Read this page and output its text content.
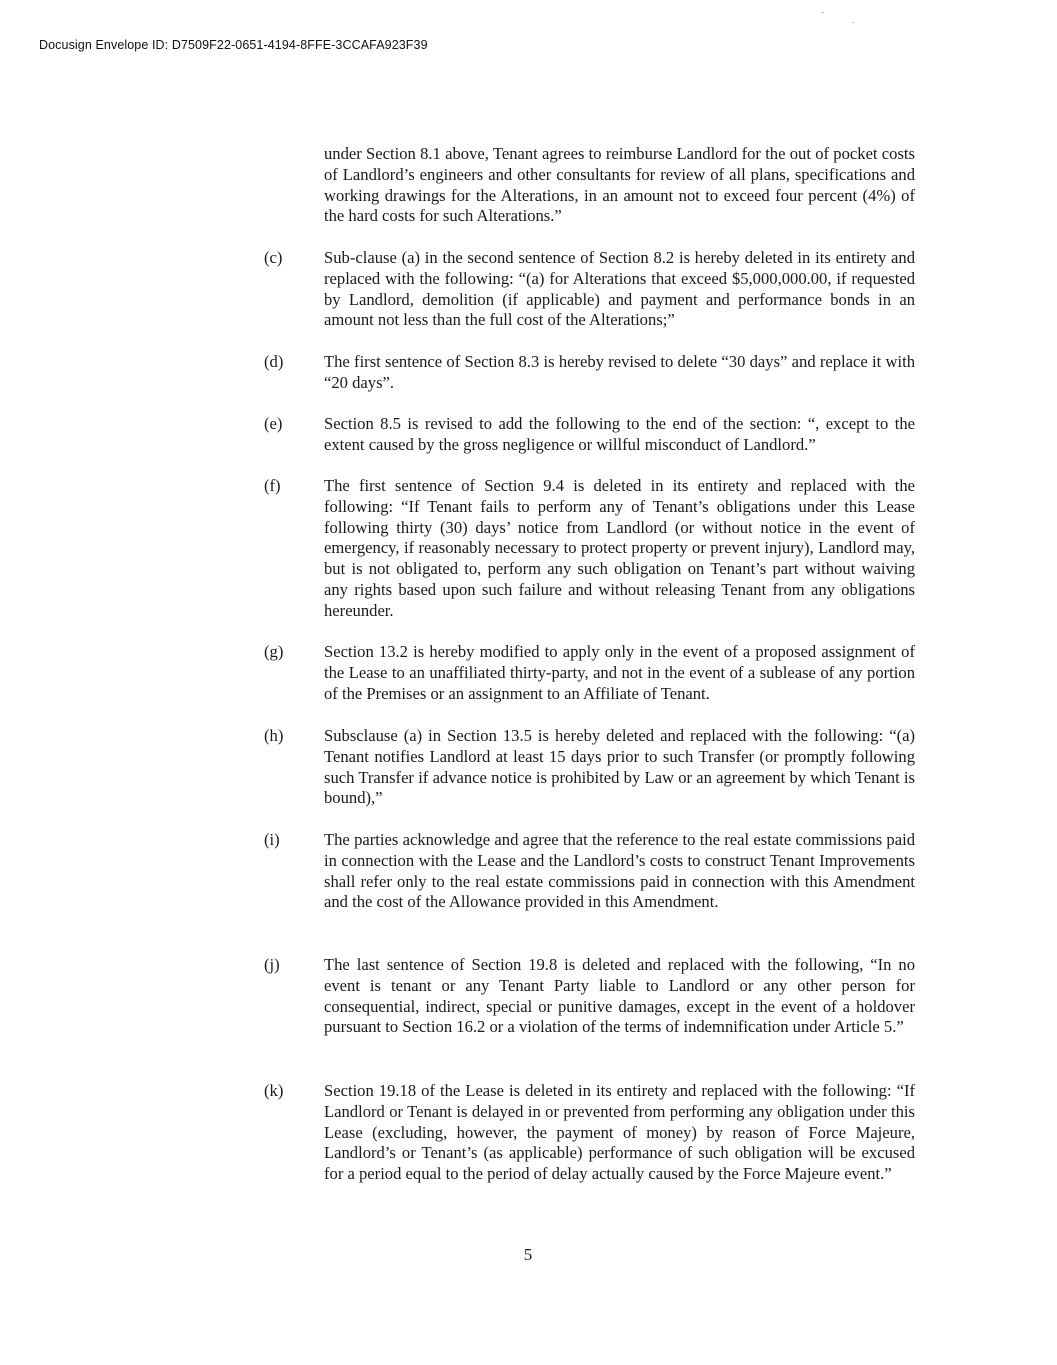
Docusign Envelope ID: D7509F22-0651-4194-8FFE-3CCAFA923F39
under Section 8.1 above, Tenant agrees to reimburse Landlord for the out of pocket costs of Landlord’s engineers and other consultants for review of all plans, specifications and working drawings for the Alterations, in an amount not to exceed four percent (4%) of the hard costs for such Alterations.”
(c)	Sub-clause (a) in the second sentence of Section 8.2 is hereby deleted in its entirety and replaced with the following: “(a) for Alterations that exceed $5,000,000.00, if requested by Landlord, demolition (if applicable) and payment and performance bonds in an amount not less than the full cost of the Alterations;”
(d)	The first sentence of Section 8.3 is hereby revised to delete “30 days” and replace it with “20 days”.
(e)	Section 8.5 is revised to add the following to the end of the section: “, except to the extent caused by the gross negligence or willful misconduct of Landlord.”
(f)	The first sentence of Section 9.4 is deleted in its entirety and replaced with the following: “If Tenant fails to perform any of Tenant’s obligations under this Lease following thirty (30) days’ notice from Landlord (or without notice in the event of emergency, if reasonably necessary to protect property or prevent injury), Landlord may, but is not obligated to, perform any such obligation on Tenant’s part without waiving any rights based upon such failure and without releasing Tenant from any obligations hereunder.
(g)	Section 13.2 is hereby modified to apply only in the event of a proposed assignment of the Lease to an unaffiliated thirty-party, and not in the event of a sublease of any portion of the Premises or an assignment to an Affiliate of Tenant.
(h)	Subsclause (a) in Section 13.5 is hereby deleted and replaced with the following: “(a) Tenant notifies Landlord at least 15 days prior to such Transfer (or promptly following such Transfer if advance notice is prohibited by Law or an agreement by which Tenant is bound),”
(i)	The parties acknowledge and agree that the reference to the real estate commissions paid in connection with the Lease and the Landlord’s costs to construct Tenant Improvements shall refer only to the real estate commissions paid in connection with this Amendment and the cost of the Allowance provided in this Amendment.
(j)	The last sentence of Section 19.8 is deleted and replaced with the following, “In no event is tenant or any Tenant Party liable to Landlord or any other person for consequential, indirect, special or punitive damages, except in the event of a holdover pursuant to Section 16.2 or a violation of the terms of indemnification under Article 5.”
(k)	Section 19.18 of the Lease is deleted in its entirety and replaced with the following: “If Landlord or Tenant is delayed in or prevented from performing any obligation under this Lease (excluding, however, the payment of money) by reason of Force Majeure, Landlord’s or Tenant’s (as applicable) performance of such obligation will be excused for a period equal to the period of delay actually caused by the Force Majeure event.”
5
